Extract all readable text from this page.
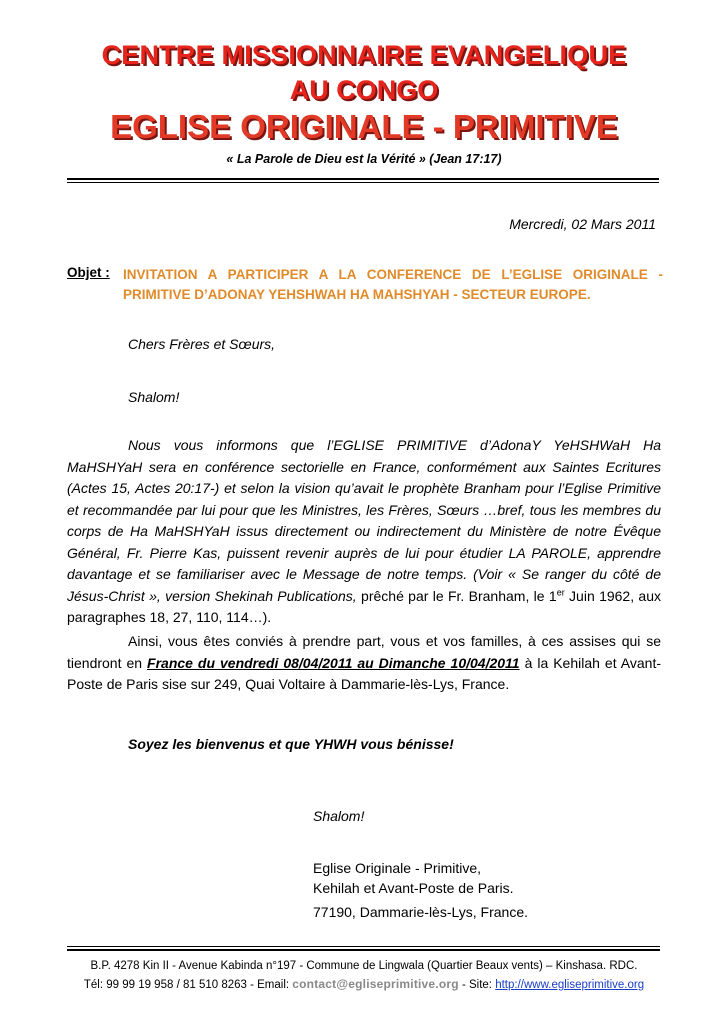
CENTRE MISSIONNAIRE EVANGELIQUE
AU CONGO
EGLISE ORIGINALE - PRIMITIVE
« La Parole de Dieu est la Vérité » (Jean 17:17)
Mercredi, 02 Mars 2011
Objet : INVITATION A PARTICIPER A LA CONFERENCE DE L’EGLISE ORIGINALE - PRIMITIVE D’ADONAY YEHSHWAH HA MAHSHYAH - SECTEUR EUROPE.
Chers Frères et Sœurs,
Shalom!
Nous vous informons que l’EGLISE PRIMITIVE d’AdonaY YeHSHWaH Ha MaHSHYaH sera en conférence sectorielle en France, conformément aux Saintes Ecritures (Actes 15, Actes 20:17-) et selon la vision qu’avait le prophète Branham pour l’Eglise Primitive et recommandée par lui pour que les Ministres, les Frères, Sœurs …bref, tous les membres du corps de Ha MaHSHYaH issus directement ou indirectement du Ministère de notre Évêque Général, Fr. Pierre Kas, puissent revenir auprès de lui pour étudier LA PAROLE, apprendre davantage et se familiariser avec le Message de notre temps. (Voir « Se ranger du côté de Jésus-Christ », version Shekinah Publications, prêché par le Fr. Branham, le 1er Juin 1962, aux paragraphes 18, 27, 110, 114…).
Ainsi, vous êtes conviés à prendre part, vous et vos familles, à ces assises qui se tiendront en France du vendredi 08/04/2011 au Dimanche 10/04/2011 à la Kehilah et Avant-Poste de Paris sise sur 249, Quai Voltaire à Dammarie-lès-Lys, France.
Soyez les bienvenus et que YHWH vous bénisse!
Shalom!
Eglise Originale - Primitive,
Kehilah et Avant-Poste de Paris.
77190, Dammarie-lès-Lys, France.
B.P. 4278 Kin II - Avenue Kabinda n°197 - Commune de Lingwala (Quartier Beaux vents) – Kinshasa. RDC.
Tél: 99 99 19 958 / 81 510 8263 - Email: contact@egliseprimitive.org - Site: http://www.egliseprimitive.org
